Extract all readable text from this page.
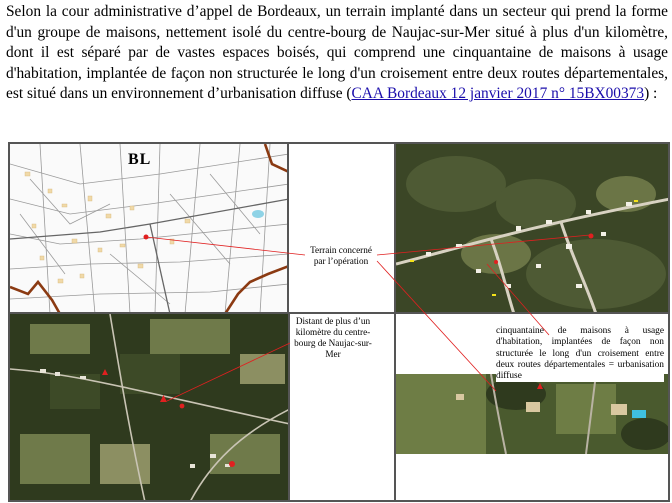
Selon la cour administrative d’appel de Bordeaux, un terrain implanté dans un secteur qui prend la forme d'un groupe de maisons, nettement isolé du centre-bourg de Naujac-sur-Mer situé à plus d'un kilomètre, dont il est séparé par de vastes espaces boisés, qui comprend une cinquantaine de maisons à usage d'habitation, implantée de façon non structurée le long d'un croisement entre deux routes départementales, est situé dans un environnement d’urbanisation diffuse (CAA Bordeaux 12 janvier 2017 n° 15BX00373) :
BL
Terrain concerné par l’opération
Distant de plus d’un kilomètre du centre-bourg de Naujac-sur-Mer
cinquantaine de maisons à usage d'habitation, implantées de façon non structurée le long d'un croisement entre deux routes départementales = urbanisation diffuse
